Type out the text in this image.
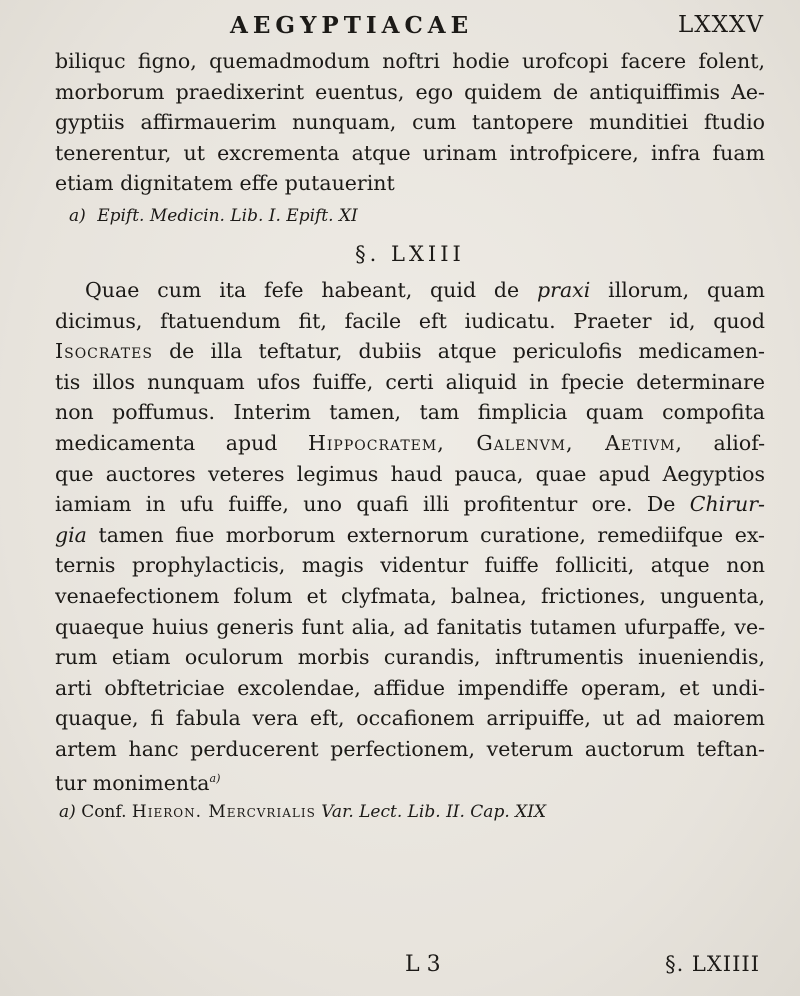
AEGYPTIACAE	LXXXV
biliquc figno, quemadmodum noftri hodie urofcopi facere folent,
morborum praedixerint euentus, ego quidem de antiquiffimis Ae-
gyptiis affirmauerim nunquam, cum tantopere munditiei ftudio
tenerentur, ut excrementa atque urinam introfpicere, infra fuam
etiam dignitatem effe putauerint
a) Epift. Medicin. Lib. I. Epift. XI
§. LXIII
Quae cum ita fefe habeant, quid de praxi illorum, quam
dicimus, ftatuendum fit, facile eft iudicatu. Praeter id, quod
Isocrates de illa teftatur, dubiis atque periculofis medicamen-
tis illos nunquam ufos fuiffe, certi aliquid in fpecie determinare
non poffumus. Interim tamen, tam fimplicia quam compofita
medicamenta apud Hippocratem, Galenvm, Aetivm, aliof-
que auctores veteres legimus haud pauca, quae apud Aegyptios
iamiam in ufu fuiffe, uno quafi illi profitentur ore. De Chirur-
gia tamen fiue morborum externorum curatione, remediifque ex-
ternis prophylacticis, magis videntur fuiffe folliciti, atque non
venaefectionem folum et clyfmata, balnea, frictiones, unguenta,
quaeque huius generis funt alia, ad fanitatis tutamen ufurpaffe, ve-
rum etiam oculorum morbis curandis, inftrumentis inueniendis,
arti obftetriciae excolendae, affidue impendiffe operam, et undi-
quaque, fi fabula vera eft, occafionem arripuiffe, ut ad maiorem
artem hanc perducerent perfectionem, veterum auctorum teftan-
tur monimenta$^{a)}$
a) Conf. Hieron. Mercvrialis Var. Lect. Lib. II. Cap. XIX
L 3	§. LXIIII
